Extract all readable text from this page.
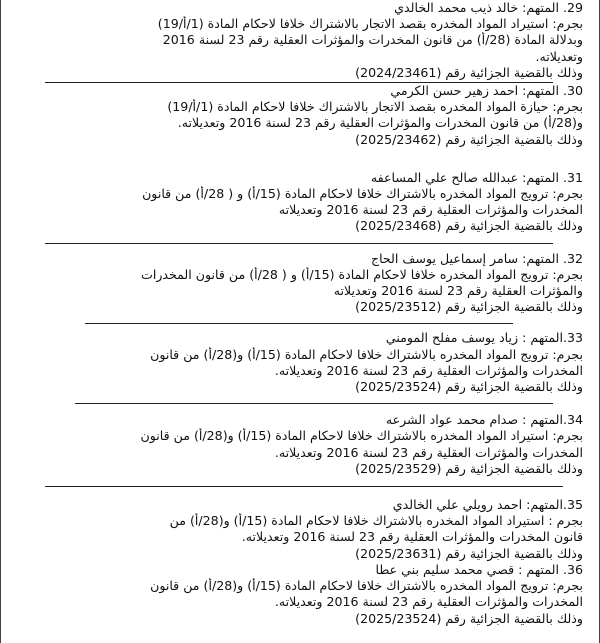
29. المتهم: خالد ذيب محمد الخالدي
بجرم: استيراد المواد المخدره بقصد الاتجار بالاشتراك خلافا لاحكام المادة (1/أ/19)
وبدلالة المادة (28/أ) من قانون المخدرات والمؤثرات العقلية رقم 23 لسنة 2016
وتعديلاته.
وذلك بالقضية الجزائية رقم (2024/23461)
30. المتهم: احمد زهير حسن الكرمي
بجرم: حيازة المواد المخدره بقصد الاتجار بالاشتراك خلافا لاحكام المادة (1/أ/19)
و(28/أ) من قانون المخدرات والمؤثرات العقلية رقم 23 لسنة 2016 وتعديلاته.
وذلك بالقضية الجزائية رقم (2025/23462)
31. المتهم: عبدالله صالح علي المساعفه
بجرم: ترويج المواد المخدره بالاشتراك خلافا لاحكام المادة (15/أ) و ( 28/أ) من قانون
المخدرات والمؤثرات العقلية رقم 23 لسنة 2016 وتعديلاته
وذلك بالقضية الجزائية رقم (2025/23468)
32. المتهم: سامر إسماعيل يوسف الحاج
بجرم: ترويج المواد المخدره خلافا لاحكام المادة (15/أ) و ( 28/أ) من قانون المخدرات
والمؤثرات العقلية رقم 23 لسنة 2016 وتعديلاته
وذلك بالقضية الجزائية رقم (2025/23512)
33.المتهم : زياد يوسف مفلح المومني
بجرم: ترويج المواد المخدره بالاشتراك خلافا لاحكام المادة (15/أ) و(28/أ) من قانون
المخدرات والمؤثرات العقلية رقم 23 لسنة 2016 وتعديلاته.
وذلك بالقضية الجزائية رقم (2025/23524)
34.المتهم : صدام محمد عواد الشرعه
بجرم: استيراد المواد المخدره بالاشتراك خلافا لاحكام المادة (15/أ) و(28/أ) من قانون
المخدرات والمؤثرات العقلية رقم 23 لسنة 2016 وتعديلاته.
وذلك بالقضية الجزائية رقم (2025/23529)
35.المتهم: احمد رويلي علي الخالدي
بجرم : استيراد المواد المخدره بالاشتراك خلافا لاحكام المادة (15/أ) و(28/أ) من
قانون المخدرات والمؤثرات العقلية رقم 23 لسنة 2016 وتعديلاته.
وذلك بالقضية الجزائية رقم (2025/23631)
36. المتهم : قصي محمد سليم بني عطا
بجرم: ترويج المواد المخدره بالاشتراك خلافا لاحكام المادة (15/أ) و(28/أ) من قانون
المخدرات والمؤثرات العقلية رقم 23 لسنة 2016 وتعديلاته.
وذلك بالقضية الجزائية رقم (2025/23524)
